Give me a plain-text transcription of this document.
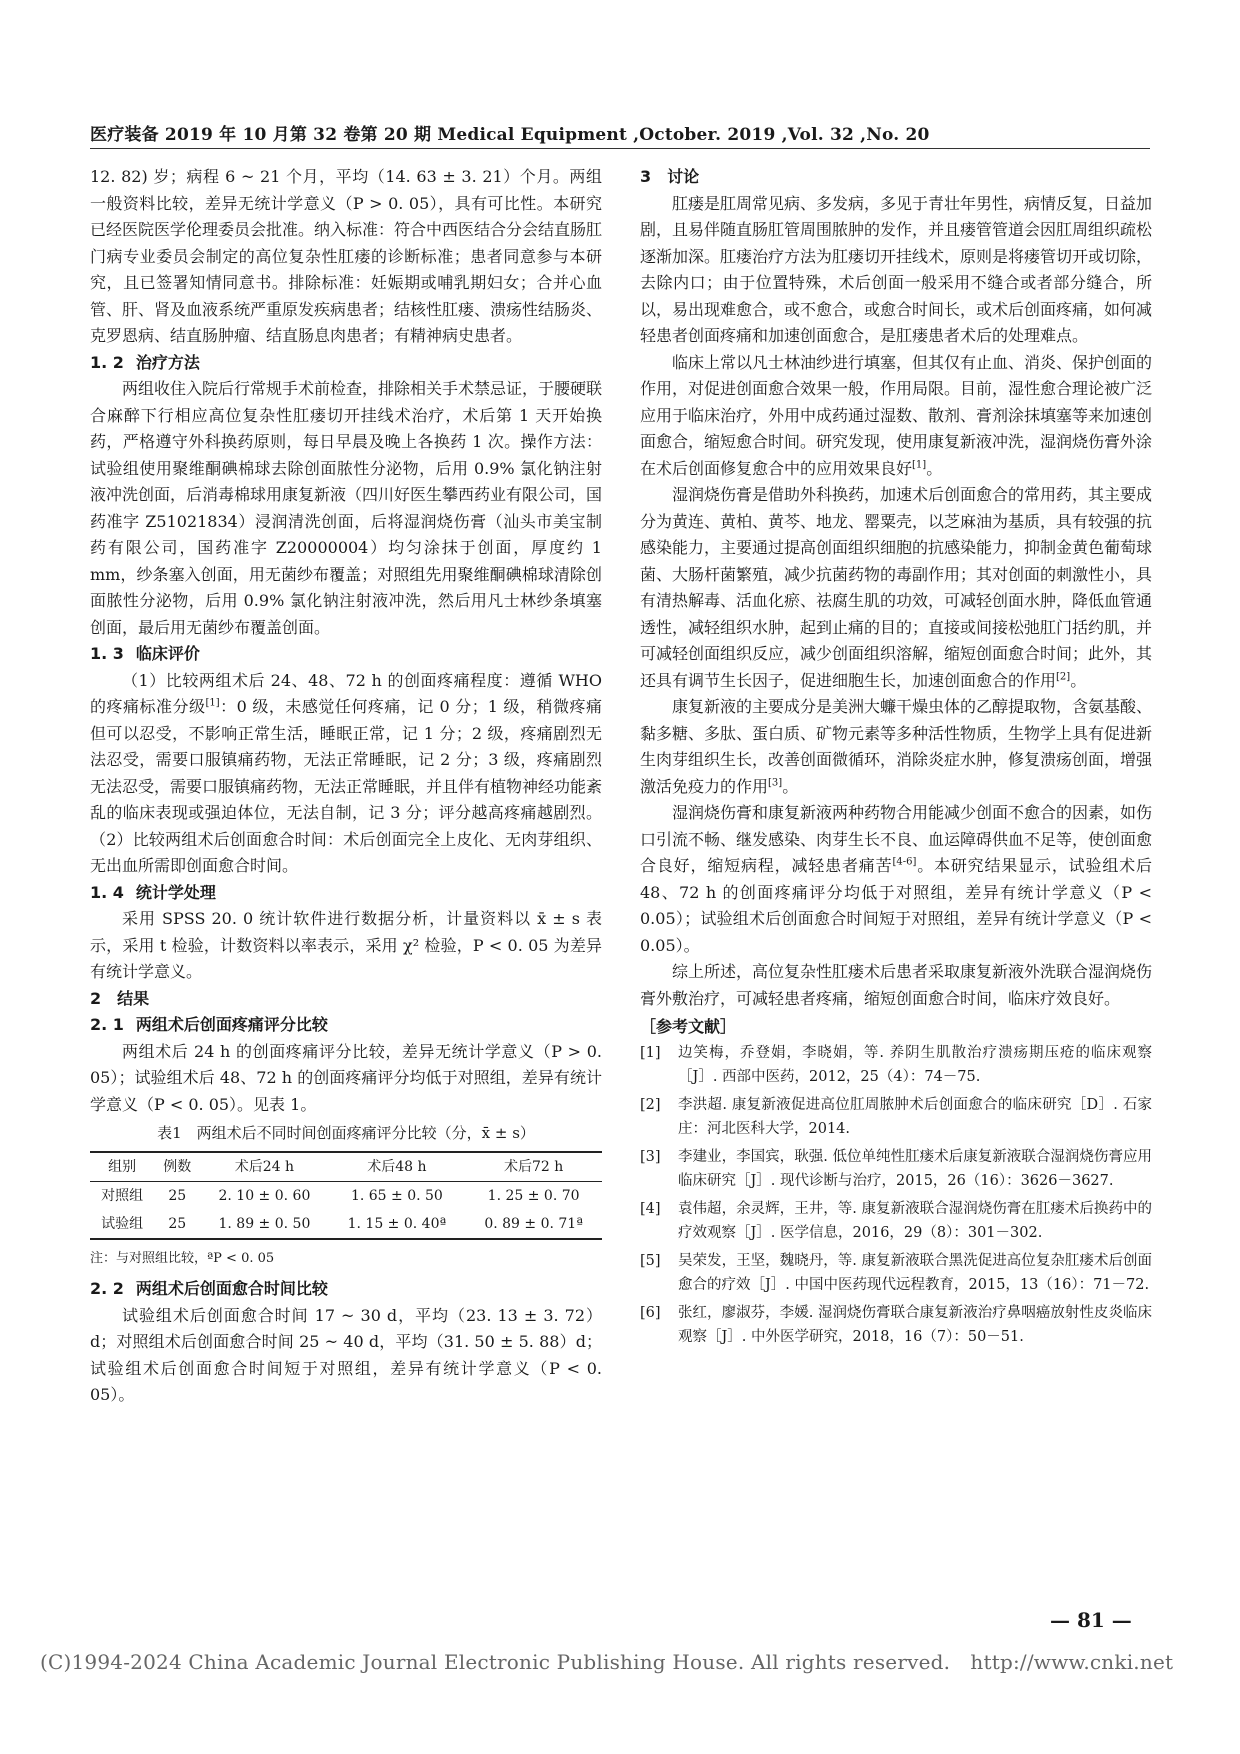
医疗装备 2019 年 10 月第 32 卷第 20 期 Medical Equipment ,October. 2019 ,Vol. 32 ,No. 20

12. 82) 岁；病程 6 ~ 21 个月，平均（14. 63 ± 3. 21）个月。两组一般资料比较，差异无统计学意义（P > 0. 05），具有可比性。本研究已经医院医学伦理委员会批准。纳入标准：符合中西医结合分会结直肠肛门病专业委员会制定的高位复杂性肛瘘的诊断标准；患者同意参与本研究，且已签署知情同意书。排除标准：妊娠期或哺乳期妇女；合并心血管、肝、肾及血液系统严重原发疾病患者；结核性肛瘘、溃疡性结肠炎、克罗恩病、结直肠肿瘤、结直肠息肉患者；有精神病史患者。

1. 2 治疗方法

两组收住入院后行常规手术前检查，排除相关手术禁忌证，于腰硬联合麻醉下行相应高位复杂性肛瘘切开挂线术治疗，术后第 1 天开始换药，严格遵守外科换药原则，每日早晨及晚上各换药 1 次。操作方法：试验组使用聚维酮碘棉球去除创面脓性分泌物，后用 0.9% 氯化钠注射液冲洗创面，后消毒棉球用康复新液（四川好医生攀西药业有限公司，国药准字 Z51021834）浸润清洗创面，后将湿润烧伤膏（汕头市美宝制药有限公司，国药准字 Z20000004）均匀涂抹于创面，厚度约 1 mm，纱条塞入创面，用无菌纱布覆盖；对照组先用聚维酮碘棉球清除创面脓性分泌物，后用 0.9% 氯化钠注射液冲洗，然后用凡士林纱条填塞创面，最后用无菌纱布覆盖创面。

1. 3 临床评价

（1）比较两组术后 24、48、72 h 的创面疼痛程度：遵循 WHO 的疼痛标准分级[1]：0 级，未感觉任何疼痛，记 0 分；1 级，稍微疼痛但可以忍受，不影响正常生活，睡眠正常，记 1 分；2 级，疼痛剧烈无法忍受，需要口服镇痛药物，无法正常睡眠，记 2 分；3 级，疼痛剧烈无法忍受，需要口服镇痛药物，无法正常睡眠，并且伴有植物神经功能紊乱的临床表现或强迫体位，无法自制，记 3 分；评分越高疼痛越剧烈。（2）比较两组术后创面愈合时间：术后创面完全上皮化、无肉芽组织、无出血所需即创面愈合时间。

1. 4 统计学处理

采用 SPSS 20. 0 统计软件进行数据分析，计量资料以 x̄ ± s 表示，采用 t 检验，计数资料以率表示，采用 χ² 检验，P < 0. 05 为差异有统计学意义。

2　结果
2. 1 两组术后创面疼痛评分比较

两组术后 24 h 的创面疼痛评分比较，差异无统计学意义（P > 0. 05）；试验组术后 48、72 h 的创面疼痛评分均低于对照组，差异有统计学意义（P < 0. 05）。见表 1。

表1　两组术后不同时间创面疼痛评分比较（分，x̄ ± s）
组别	例数	术后24 h	术后48 h	术后72 h
对照组	25	2. 10 ± 0. 60	1. 65 ± 0. 50	1. 25 ± 0. 70
试验组	25	1. 89 ± 0. 50	1. 15 ± 0. 40ª	0. 89 ± 0. 71ª
注：与对照组比较，ªP < 0. 05
2. 2 两组术后创面愈合时间比较

试验组术后创面愈合时间 17 ~ 30 d，平均（23. 13 ± 3. 72）d；对照组术后创面愈合时间 25 ~ 40 d，平均（31. 50 ± 5. 88）d；试验组术后创面愈合时间短于对照组，差异有统计学意义（P < 0. 05）。

3　讨论

肛瘘是肛周常见病、多发病，多见于青壮年男性，病情反复，日益加剧，且易伴随直肠肛管周围脓肿的发作，并且瘘管管道会因肛周组织疏松逐渐加深。肛瘘治疗方法为肛瘘切开挂线术，原则是将瘘管切开或切除，去除内口；由于位置特殊，术后创面一般采用不缝合或者部分缝合，所以，易出现难愈合，或不愈合，或愈合时间长，或术后创面疼痛，如何减轻患者创面疼痛和加速创面愈合，是肛瘘患者术后的处理难点。

临床上常以凡士林油纱进行填塞，但其仅有止血、消炎、保护创面的作用，对促进创面愈合效果一般，作用局限。目前，湿性愈合理论被广泛应用于临床治疗，外用中成药通过湿数、散剂、膏剂涂抹填塞等来加速创面愈合，缩短愈合时间。研究发现，使用康复新液冲洗，湿润烧伤膏外涂在术后创面修复愈合中的应用效果良好[1]。

湿润烧伤膏是借助外科换药，加速术后创面愈合的常用药，其主要成分为黄连、黄柏、黄芩、地龙、罂粟壳，以芝麻油为基质，具有较强的抗感染能力，主要通过提高创面组织细胞的抗感染能力，抑制金黄色葡萄球菌、大肠杆菌繁殖，减少抗菌药物的毒副作用；其对创面的刺激性小，具有清热解毒、活血化瘀、祛腐生肌的功效，可减轻创面水肿，降低血管通透性，减轻组织水肿，起到止痛的目的；直接或间接松弛肛门括约肌，并可减轻创面组织反应，减少创面组织溶解，缩短创面愈合时间；此外，其还具有调节生长因子，促进细胞生长，加速创面愈合的作用[2]。

康复新液的主要成分是美洲大蠊干燥虫体的乙醇提取物，含氨基酸、黏多糖、多肽、蛋白质、矿物元素等多种活性物质，生物学上具有促进新生肉芽组织生长，改善创面微循环，消除炎症水肿，修复溃疡创面，增强激活免疫力的作用[3]。

湿润烧伤膏和康复新液两种药物合用能减少创面不愈合的因素，如伤口引流不畅、继发感染、肉芽生长不良、血运障碍供血不足等，使创面愈合良好，缩短病程，减轻患者痛苦[4-6]。本研究结果显示，试验组术后 48、72 h 的创面疼痛评分均低于对照组，差异有统计学意义（P < 0.05）；试验组术后创面愈合时间短于对照组，差异有统计学意义（P < 0.05）。

综上所述，高位复杂性肛瘘术后患者采取康复新液外洗联合湿润烧伤膏外敷治疗，可减轻患者疼痛，缩短创面愈合时间，临床疗效良好。

［参考文献］
[1]	边笑梅，乔登娟，李晓娟，等. 养阴生肌散治疗溃疡期压疮的临床观察［J］. 西部中医药，2012，25（4）：74－75.
[2]	李洪超. 康复新液促进高位肛周脓肿术后创面愈合的临床研究［D］. 石家庄：河北医科大学，2014.
[3]	李建业，李国宾，耿强. 低位单纯性肛瘘术后康复新液联合湿润烧伤膏应用临床研究［J］. 现代诊断与治疗，2015，26（16）：3626－3627.
[4]	袁伟超，余灵辉，王井，等. 康复新液联合湿润烧伤膏在肛瘘术后换药中的疗效观察［J］. 医学信息，2016，29（8）：301－302.
[5]	吴荣发，王坚，魏晓丹，等. 康复新液联合黑洗促进高位复杂肛瘘术后创面愈合的疗效［J］. 中国中医药现代远程教育，2015，13（16）：71－72.
[6]	张红，廖淑芬，李媛. 湿润烧伤膏联合康复新液治疗鼻咽癌放射性皮炎临床观察［J］. 中外医学研究，2018，16（7）：50－51.
— 81 —
(C)1994-2024 China Academic Journal Electronic Publishing House. All rights reserved.　http://www.cnki.net
